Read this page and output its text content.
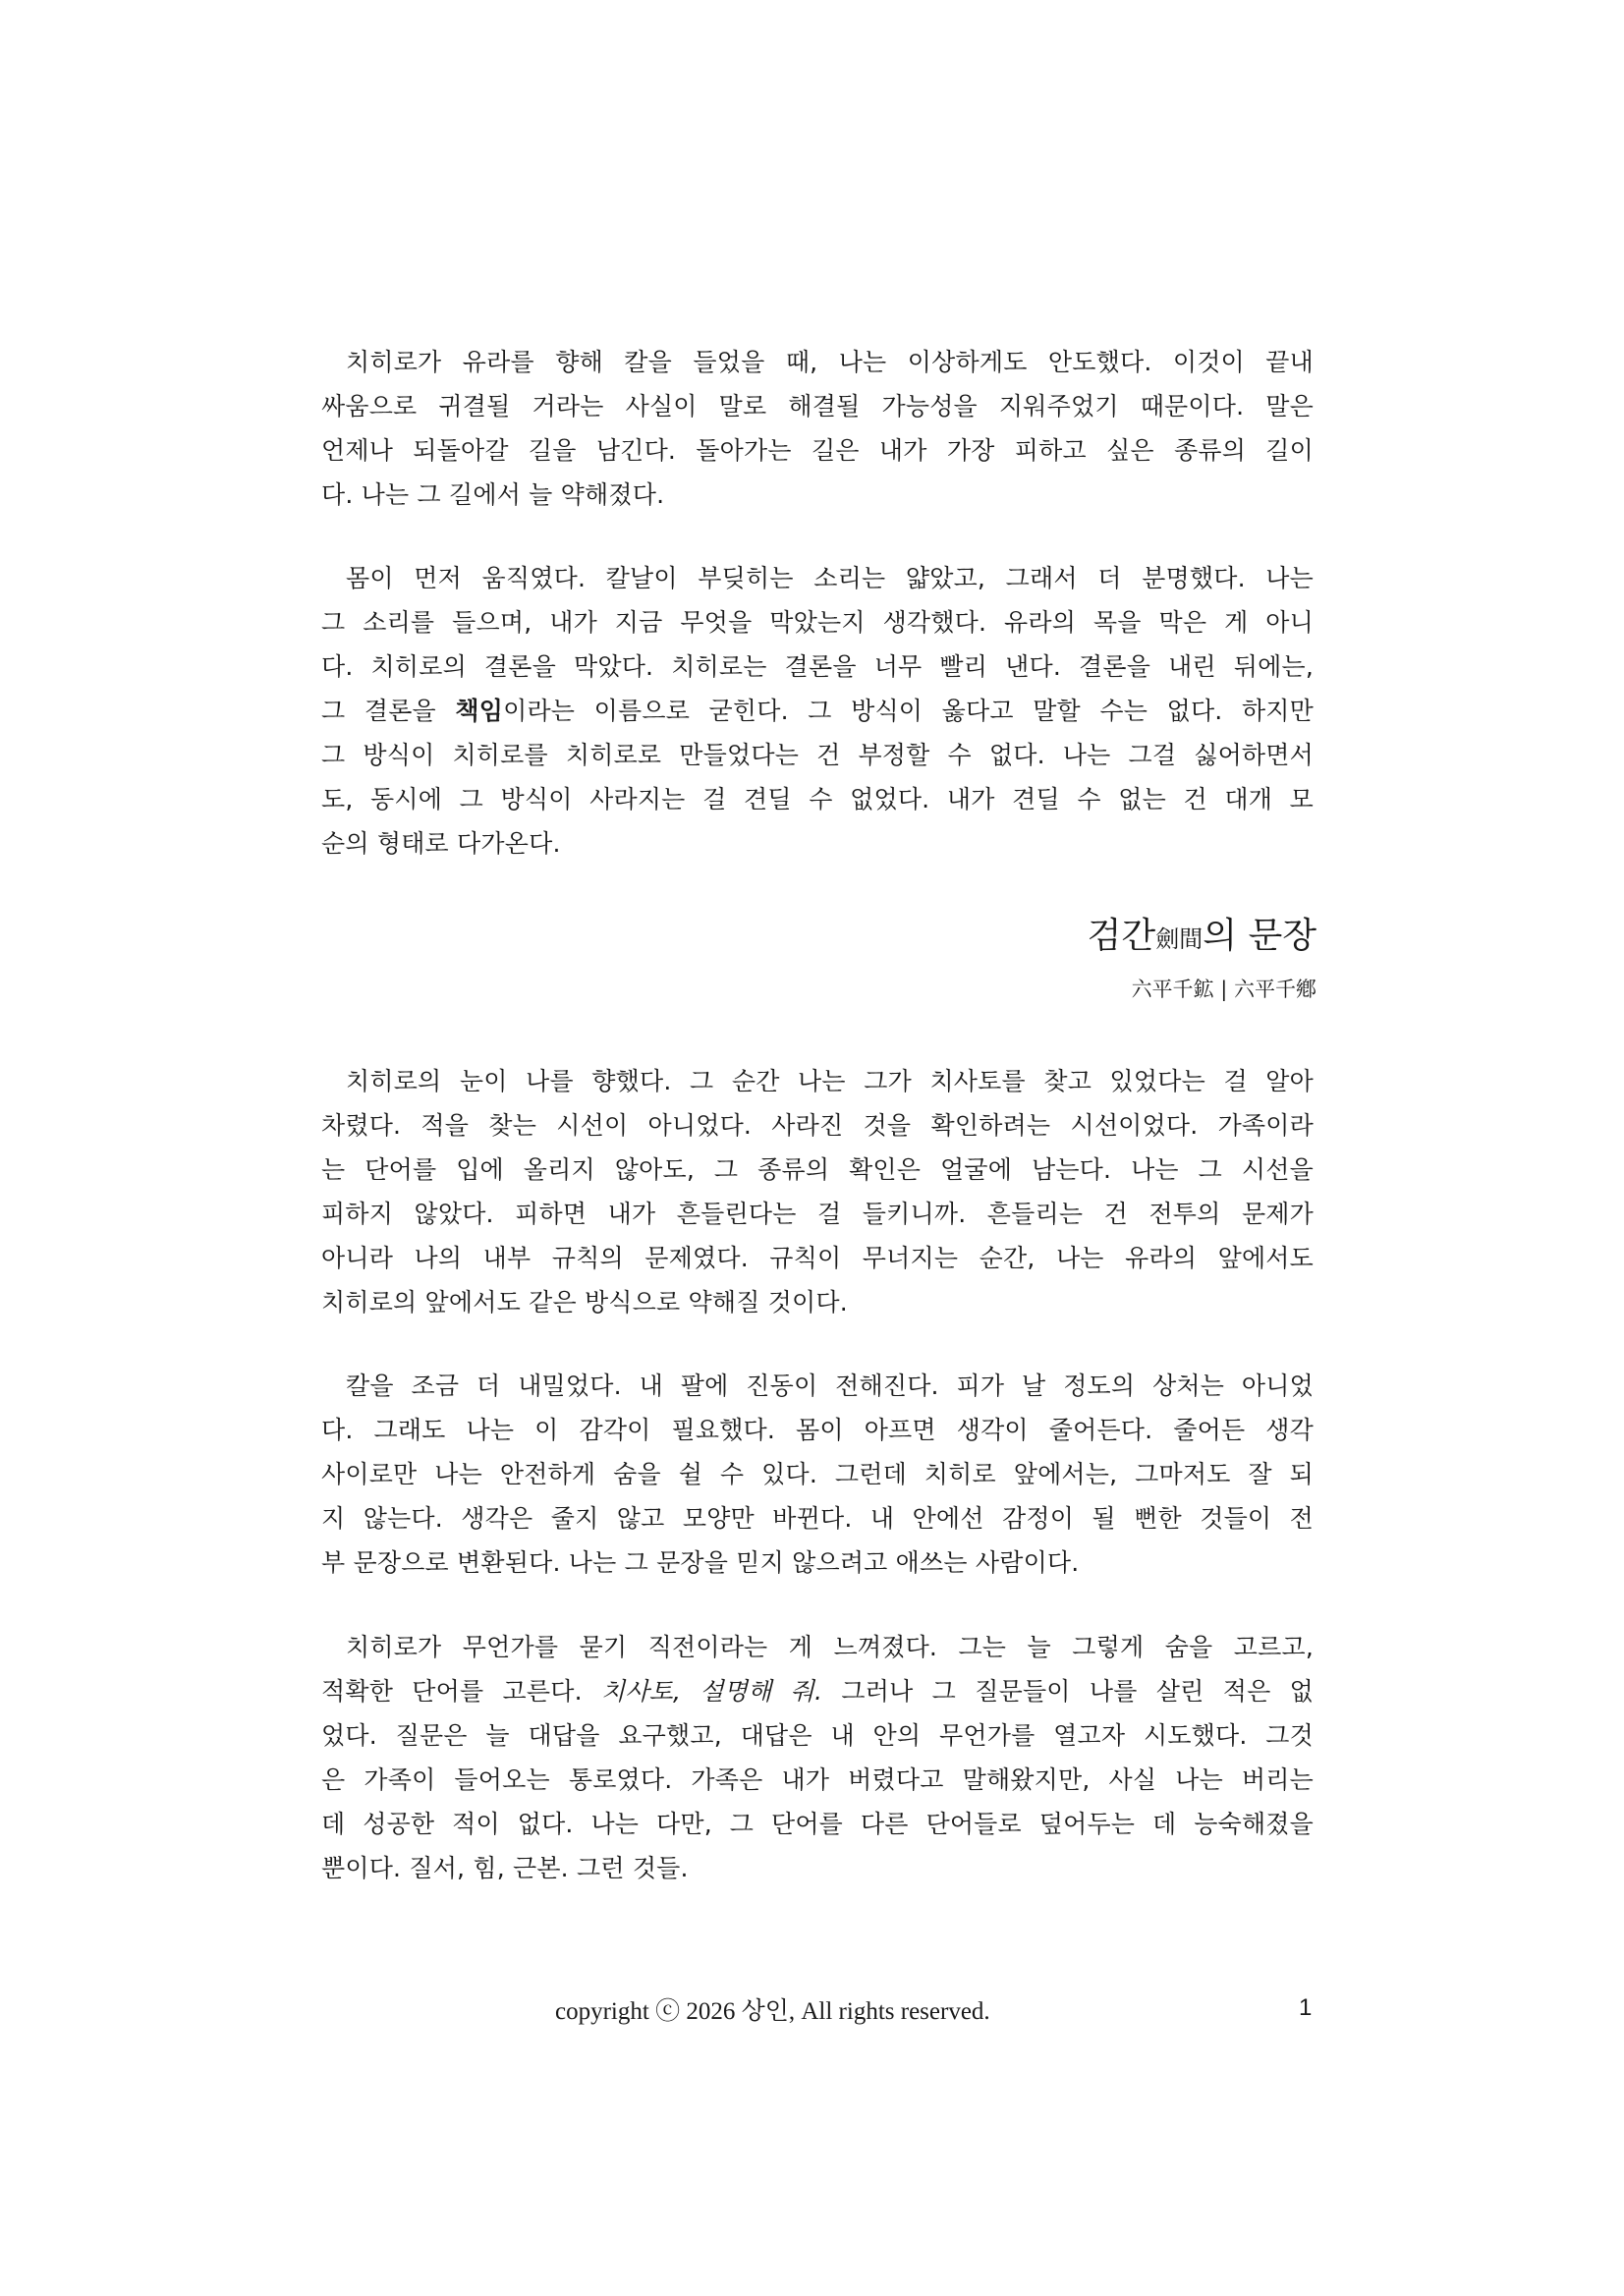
치히로가 유라를 향해 칼을 들었을 때, 나는 이상하게도 안도했다. 이것이 끝내
싸움으로 귀결될 거라는 사실이 말로 해결될 가능성을 지워주었기 때문이다. 말은
언제나 되돌아갈 길을 남긴다. 돌아가는 길은 내가 가장 피하고 싶은 종류의 길이
다. 나는 그 길에서 늘 약해졌다.
몸이 먼저 움직였다. 칼날이 부딪히는 소리는 얇았고, 그래서 더 분명했다. 나는
그 소리를 들으며, 내가 지금 무엇을 막았는지 생각했다. 유라의 목을 막은 게 아니
다. 치히로의 결론을 막았다. 치히로는 결론을 너무 빨리 낸다. 결론을 내린 뒤에는,
그 결론을 책임이라는 이름으로 굳힌다. 그 방식이 옳다고 말할 수는 없다. 하지만
그 방식이 치히로를 치히로로 만들었다는 건 부정할 수 없다. 나는 그걸 싫어하면서
도, 동시에 그 방식이 사라지는 걸 견딜 수 없었다. 내가 견딜 수 없는 건 대개 모
순의 형태로 다가온다.
검간劍間의 문장
六平千鉱 | 六平千鄕
치히로의 눈이 나를 향했다. 그 순간 나는 그가 치사토를 찾고 있었다는 걸 알아
차렸다. 적을 찾는 시선이 아니었다. 사라진 것을 확인하려는 시선이었다. 가족이라
는 단어를 입에 올리지 않아도, 그 종류의 확인은 얼굴에 남는다. 나는 그 시선을
피하지 않았다. 피하면 내가 흔들린다는 걸 들키니까. 흔들리는 건 전투의 문제가
아니라 나의 내부 규칙의 문제였다. 규칙이 무너지는 순간, 나는 유라의 앞에서도
치히로의 앞에서도 같은 방식으로 약해질 것이다.
칼을 조금 더 내밀었다. 내 팔에 진동이 전해진다. 피가 날 정도의 상처는 아니었
다. 그래도 나는 이 감각이 필요했다. 몸이 아프면 생각이 줄어든다. 줄어든 생각
사이로만 나는 안전하게 숨을 쉴 수 있다. 그런데 치히로 앞에서는, 그마저도 잘 되
지 않는다. 생각은 줄지 않고 모양만 바뀐다. 내 안에선 감정이 될 뻔한 것들이 전
부 문장으로 변환된다. 나는 그 문장을 믿지 않으려고 애쓰는 사람이다.
치히로가 무언가를 묻기 직전이라는 게 느껴졌다. 그는 늘 그렇게 숨을 고르고,
적확한 단어를 고른다. 치사토, 설명해 줘. 그러나 그 질문들이 나를 살린 적은 없
었다. 질문은 늘 대답을 요구했고, 대답은 내 안의 무언가를 열고자 시도했다. 그것
은 가족이 들어오는 통로였다. 가족은 내가 버렸다고 말해왔지만, 사실 나는 버리는
데 성공한 적이 없다. 나는 다만, 그 단어를 다른 단어들로 덮어두는 데 능숙해졌을
뿐이다. 질서, 힘, 근본. 그런 것들.
copyright ⓒ 2026 상인, All rights reserved.	1
